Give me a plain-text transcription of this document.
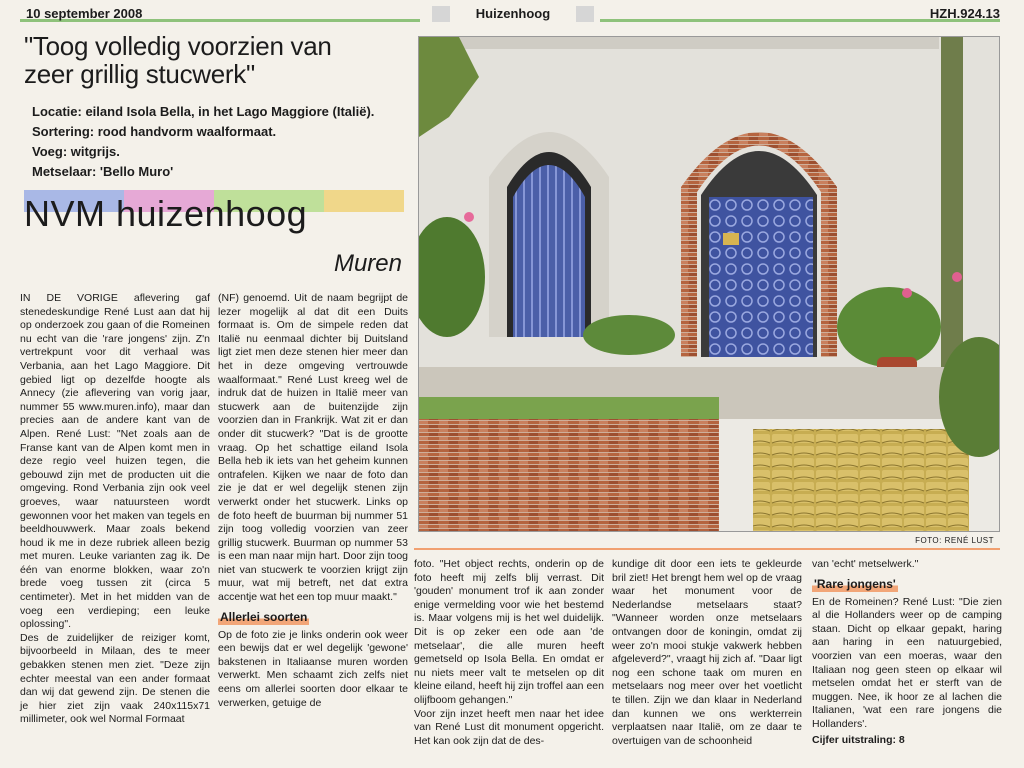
10 september 2008	Huizenhoog	HZH.924.13
"Toog volledig voorzien van
zeer grillig stucwerk"
Locatie: eiland Isola Bella, in het Lago Maggiore (Italië).
Sortering: rood handvorm waalformaat.
Voeg: witgrijs.
Metselaar: 'Bello Muro'
NVM huizenhoog
Muren

IN DE VORIGE aflevering gaf stenedeskundige René Lust aan dat hij op onderzoek zou gaan of die Romeinen nu echt van die 'rare jongens' zijn. Z'n vertrekpunt voor dit verhaal was Verbania, aan het Lago Maggiore. Dit gebied ligt op dezelfde hoogte als Annecy (zie aflevering van vorig jaar, nummer 55 www.muren.info), maar dan precies aan de andere kant van de Alpen. René Lust: "Net zoals aan de Franse kant van de Alpen komt men in deze regio veel huizen tegen, die gebouwd zijn met de producten uit die omgeving. Rond Verbania zijn ook veel groeves, waar natuursteen wordt gewonnen voor het maken van tegels en beeldhouwwerk. Maar zoals bekend houd ik me in deze rubriek alleen bezig met muren. Leuke varianten zag ik. De één van enorme blokken, waar zo'n brede voeg tussen zit (circa 5 centimeter). Met in het midden van de voeg een verdieping; een leuke oplossing".

Des de zuidelijker de reiziger komt, bijvoorbeeld in Milaan, des te meer gebakken stenen men ziet. "Deze zijn echter meestal van een ander formaat dan wij dat gewend zijn. De stenen die je hier ziet zijn vaak 240x115x71 millimeter, ook wel Normal Formaat

(NF) genoemd. Uit de naam begrijpt de lezer mogelijk al dat dit een Duits formaat is. Om de simpele reden dat Italië nu eenmaal dichter bij Duitsland ligt ziet men deze stenen hier meer dan het in deze omgeving vertrouwde waalformaat." René Lust kreeg wel de indruk dat de huizen in Italië meer van stucwerk aan de buitenzijde zijn voorzien dan in Frankrijk. Wat zit er dan onder dit stucwerk? "Dat is de grootte vraag. Op het schattige eiland Isola Bella heb ik iets van het geheim kunnen ontrafelen. Kijken we naar de foto dan zie je dat er wel degelijk stenen zijn verwerkt onder het stucwerk. Links op de foto heeft de buurman bij nummer 51 zijn toog volledig voorzien van zeer grillig stucwerk. Buurman op nummer 53 is een man naar mijn hart. Door zijn toog niet van stucwerk te voorzien krijgt zijn muur, wat mij betreft, net dat extra accentje wat het een top muur maakt."

Allerlei soorten

Op de foto zie je links onderin ook weer een bewijs dat er wel degelijk 'gewone' bakstenen in Italiaanse muren worden verwerkt. Men schaamt zich zelfs niet eens om allerlei soorten door elkaar te verwerken, getuige de

FOTO: RENÉ LUST

foto. "Het object rechts, onderin op de foto heeft mij zelfs blij verrast. Dit 'gouden' monument trof ik aan zonder enige vermelding voor wie het bestemd is. Maar volgens mij is het wel duidelijk. Dit is op zeker een ode aan 'de metselaar', die alle muren heeft gemetseld op Isola Bella. En omdat er nu niets meer valt te metselen op dit kleine eiland, heeft hij zijn troffel aan een olijfboom gehangen."

Voor zijn inzet heeft men naar het idee van René Lust dit monument opgericht. Het kan ook zijn dat de des-

kundige dit door een iets te gekleurde bril ziet! Het brengt hem wel op de vraag waar het monument voor de Nederlandse metselaars staat? "Wanneer worden onze metselaars ontvangen door de koningin, omdat zij weer zo'n mooi stukje vakwerk hebben afgeleverd?", vraagt hij zich af. "Daar ligt nog een schone taak om muren en metselaars nog meer over het voetlicht te tillen. Zijn we dan klaar in Nederland dan kunnen we ons werkterrein verplaatsen naar Italië, om ze daar te overtuigen van de schoonheid

van 'echt' metselwerk."

'Rare jongens'

En de Romeinen? René Lust: "Die zien al die Hollanders weer op de camping staan. Dicht op elkaar gepakt, haring aan haring in een natuurgebied, voorzien van een moeras, waar den Italiaan nog geen steen op elkaar wil metselen omdat het er sterft van de muggen. Nee, ik hoor ze al lachen die Italianen, 'wat een rare jongens die Hollanders'.

Cijfer uitstraling: 8
